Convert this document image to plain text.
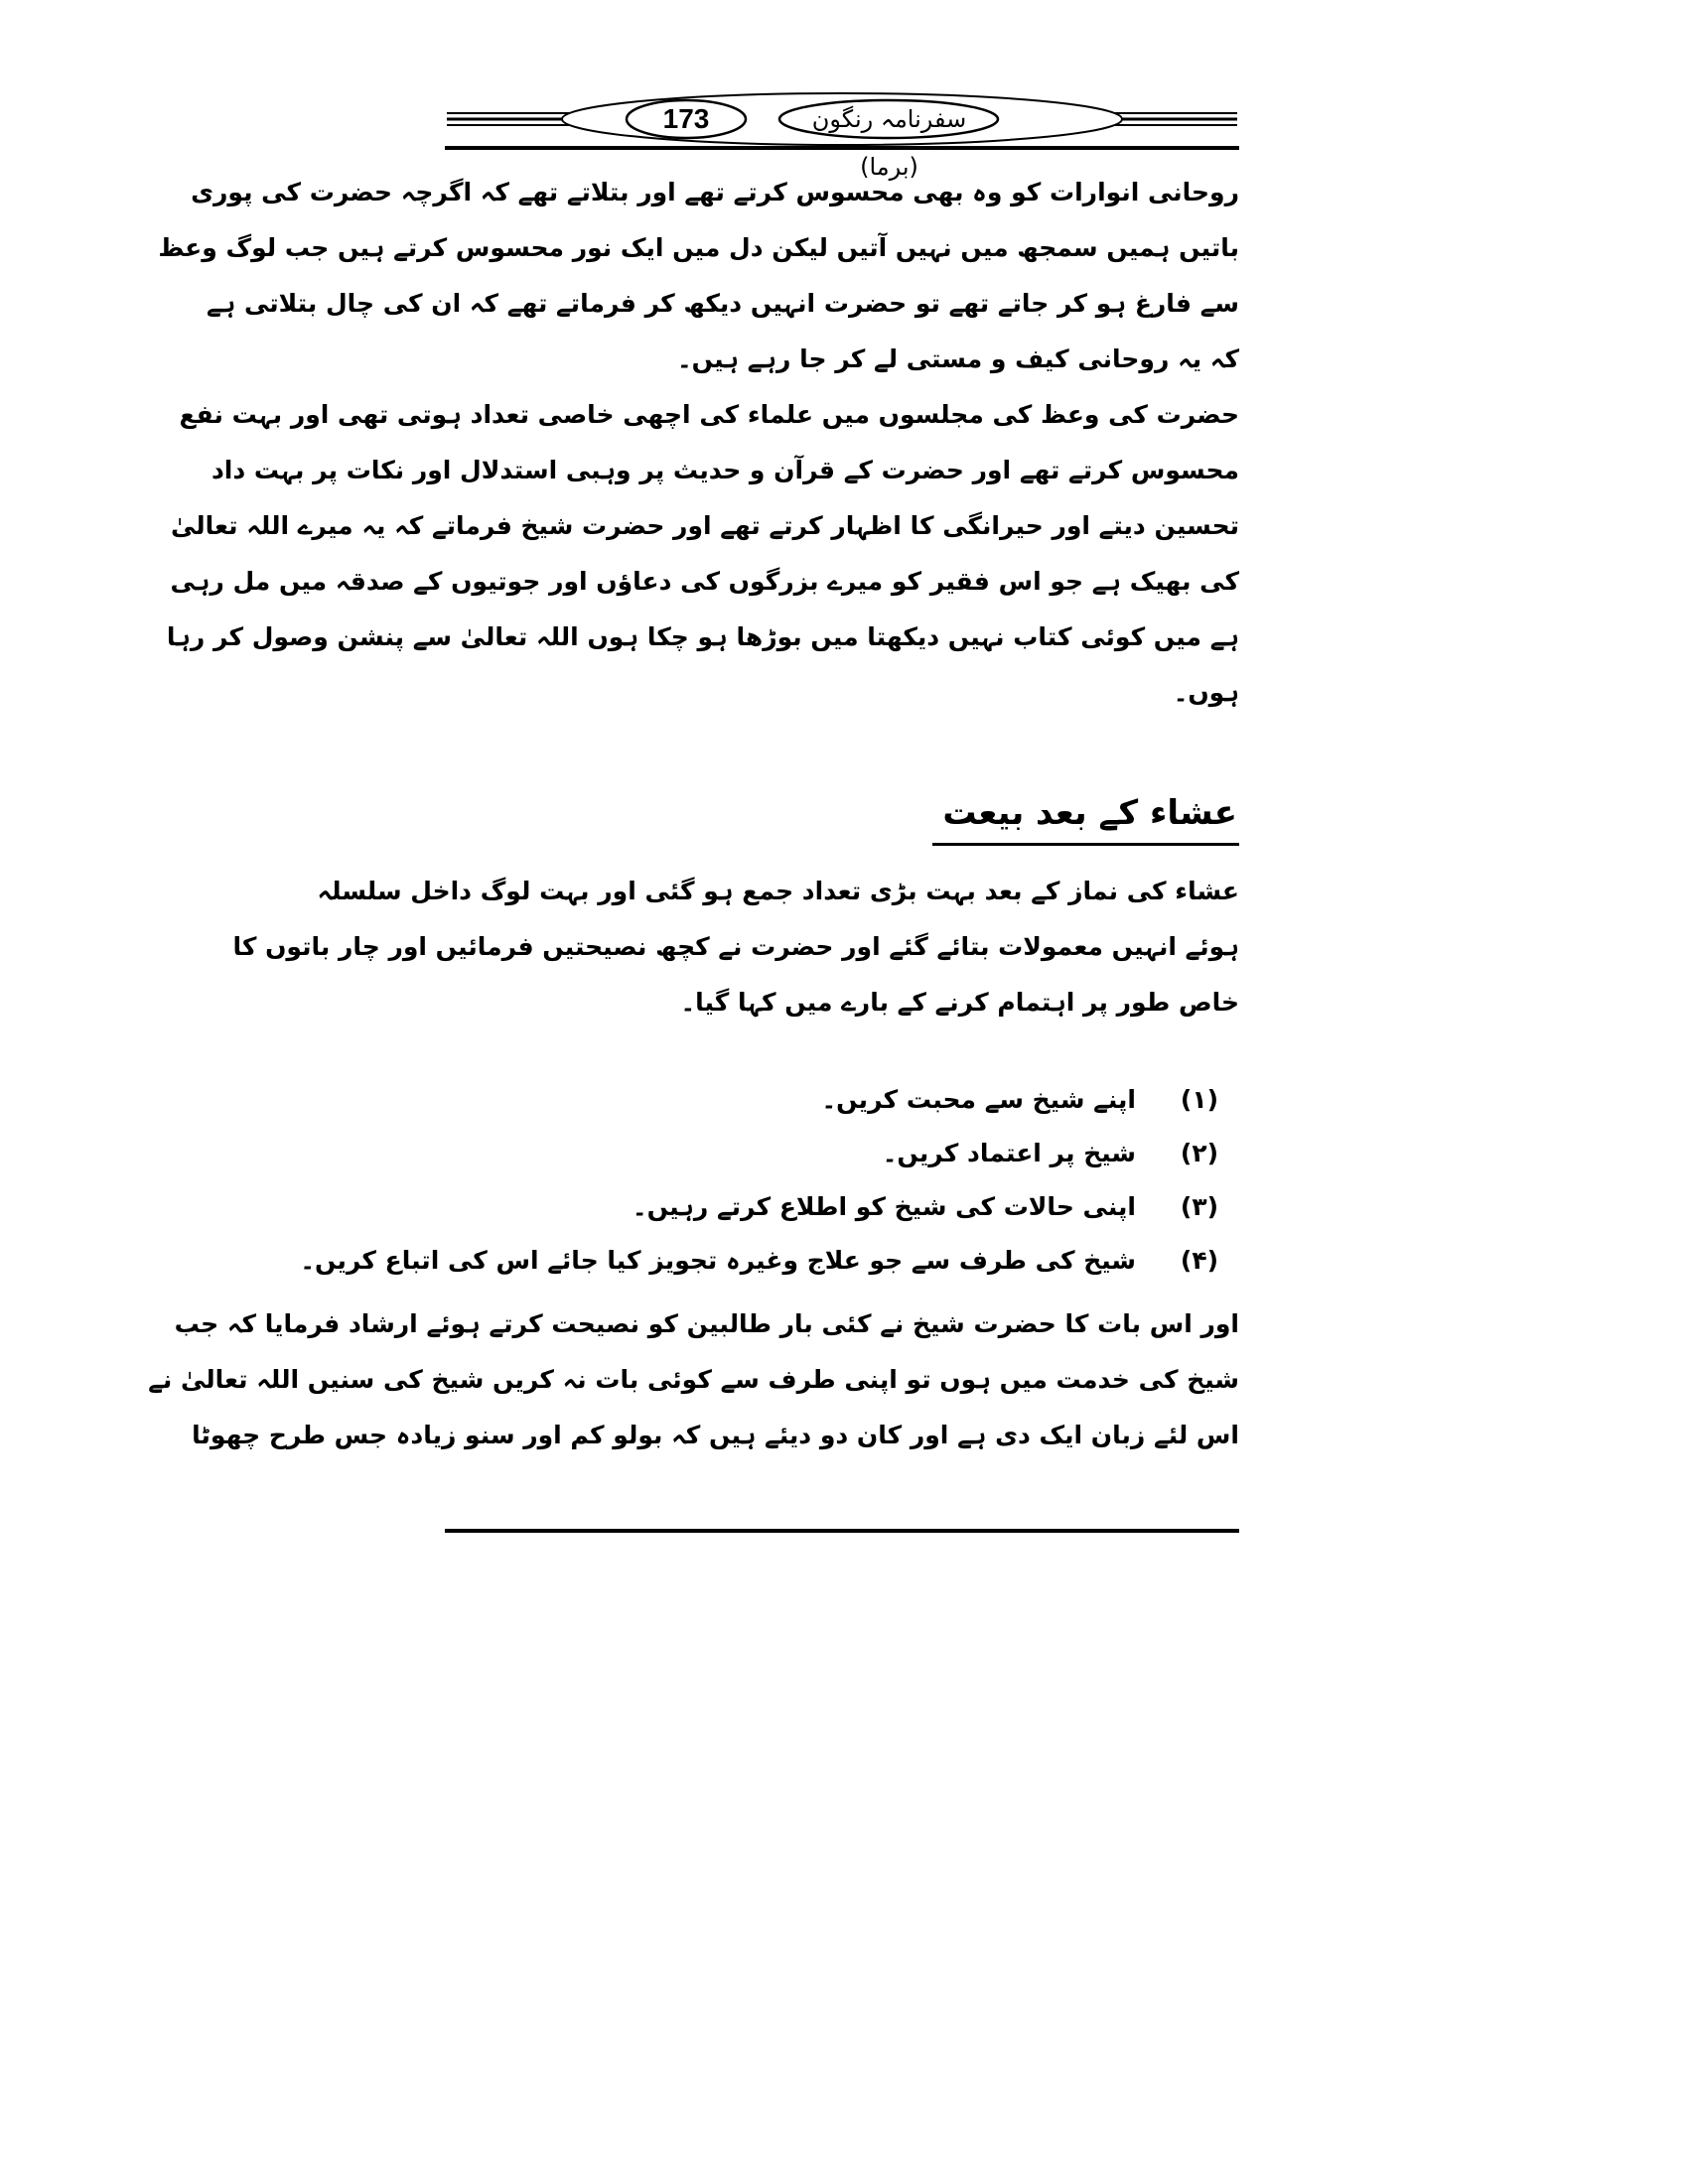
173	سفرنامہ رنگون (برما)
روحانی انوارات کو وہ بھی محسوس کرتے تھے اور بتلاتے تھے کہ اگرچہ حضرت کی پوری
باتیں ہمیں سمجھ میں نہیں آتیں لیکن دل میں ایک نور محسوس کرتے ہیں جب لوگ وعظ
سے فارغ ہو کر جاتے تھے تو حضرت انہیں دیکھ کر فرماتے تھے کہ ان کی چال بتلاتی ہے
کہ یہ روحانی کیف و مستی لے کر جا رہے ہیں۔
حضرت کی وعظ کی مجلسوں میں علماء کی اچھی خاصی تعداد ہوتی تھی اور بہت نفع
محسوس کرتے تھے اور حضرت کے قرآن و حدیث پر وہبی استدلال اور نکات پر بہت داد
تحسین دیتے اور حیرانگی کا اظہار کرتے تھے اور حضرت شیخ فرماتے کہ یہ میرے اللہ تعالیٰ
کی بھیک ہے جو اس فقیر کو میرے بزرگوں کی دعاؤں اور جوتیوں کے صدقہ میں مل رہی
ہے میں کوئی کتاب نہیں دیکھتا میں بوڑھا ہو چکا ہوں اللہ تعالیٰ سے پنشن وصول کر رہا
ہوں۔
عشاء کے بعد بیعت
عشاء کی نماز کے بعد بہت بڑی تعداد جمع ہو گئی اور بہت لوگ داخل سلسلہ
ہوئے انہیں معمولات بتائے گئے اور حضرت نے کچھ نصیحتیں فرمائیں اور چار باتوں کا
خاص طور پر اہتمام کرنے کے بارے میں کہا گیا۔
(۱)
اپنے شیخ سے محبت کریں۔
(۲)
شیخ پر اعتماد کریں۔
(۳)
اپنی حالات کی شیخ کو اطلاع کرتے رہیں۔
(۴)
شیخ کی طرف سے جو علاج وغیرہ تجویز کیا جائے اس کی اتباع کریں۔
اور اس بات کا حضرت شیخ نے کئی بار طالبین کو نصیحت کرتے ہوئے ارشاد فرمایا کہ جب
شیخ کی خدمت میں ہوں تو اپنی طرف سے کوئی بات نہ کریں شیخ کی سنیں اللہ تعالیٰ نے
اس لئے زبان ایک دی ہے اور کان دو دیئے ہیں کہ بولو کم اور سنو زیادہ جس طرح چھوٹا
